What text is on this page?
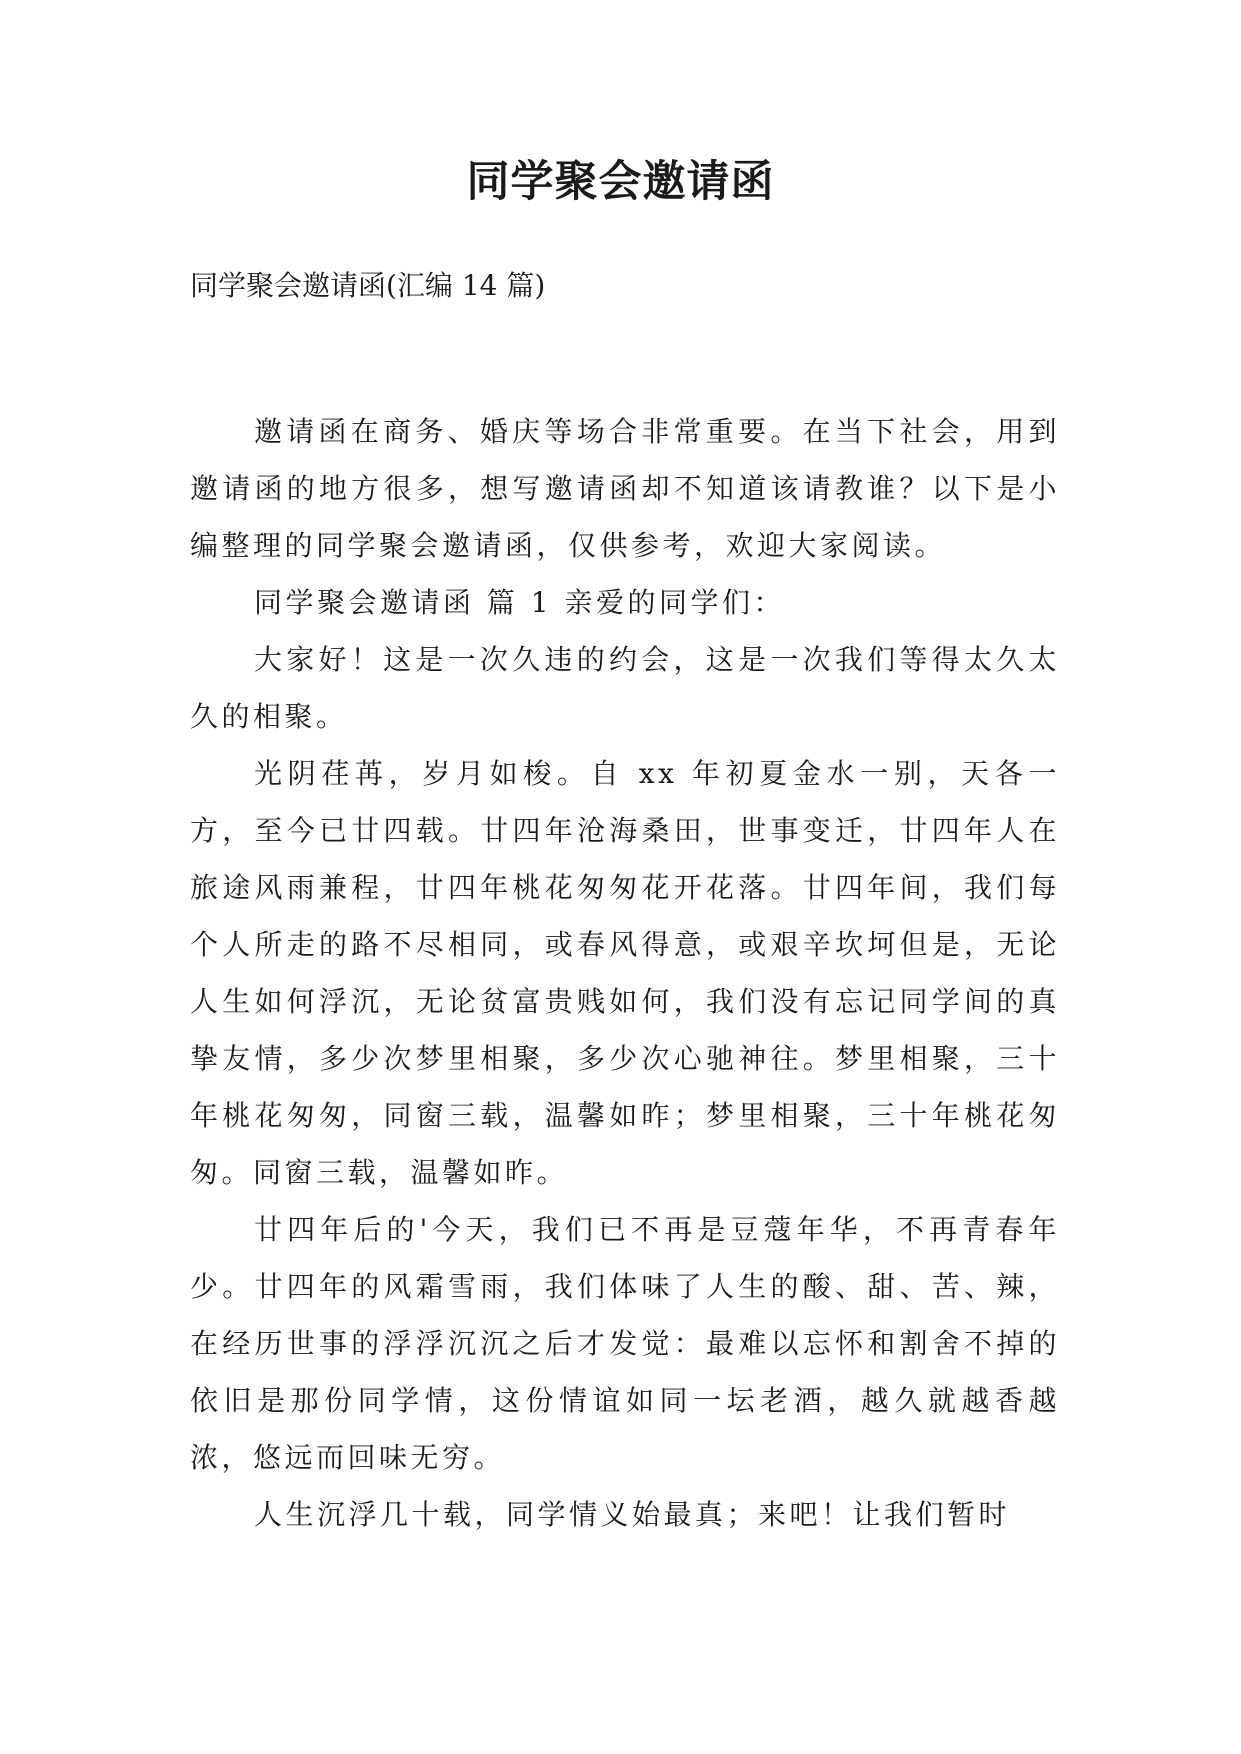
同学聚会邀请函
同学聚会邀请函(汇编 14 篇)

邀请函在商务、婚庆等场合非常重要。在当下社会，用到邀请函的地方很多，想写邀请函却不知道该请教谁？以下是小编整理的同学聚会邀请函，仅供参考，欢迎大家阅读。

同学聚会邀请函 篇 1 亲爱的同学们：

大家好！这是一次久违的约会，这是一次我们等得太久太久的相聚。

光阴荏苒，岁月如梭。自 xx 年初夏金水一别，天各一方，至今已廿四载。廿四年沧海桑田，世事变迁，廿四年人在旅途风雨兼程，廿四年桃花匆匆花开花落。廿四年间，我们每个人所走的路不尽相同，或春风得意，或艰辛坎坷但是，无论人生如何浮沉，无论贫富贵贱如何，我们没有忘记同学间的真挚友情，多少次梦里相聚，多少次心驰神往。梦里相聚，三十年桃花匆匆，同窗三载，温馨如昨；梦里相聚，三十年桃花匆匆。同窗三载，温馨如昨。

廿四年后的'今天，我们已不再是豆蔻年华，不再青春年少。廿四年的风霜雪雨，我们体味了人生的酸、甜、苦、辣，在经历世事的浮浮沉沉之后才发觉：最难以忘怀和割舍不掉的依旧是那份同学情，这份情谊如同一坛老酒，越久就越香越浓，悠远而回味无穷。

人生沉浮几十载，同学情义始最真；来吧！让我们暂时
